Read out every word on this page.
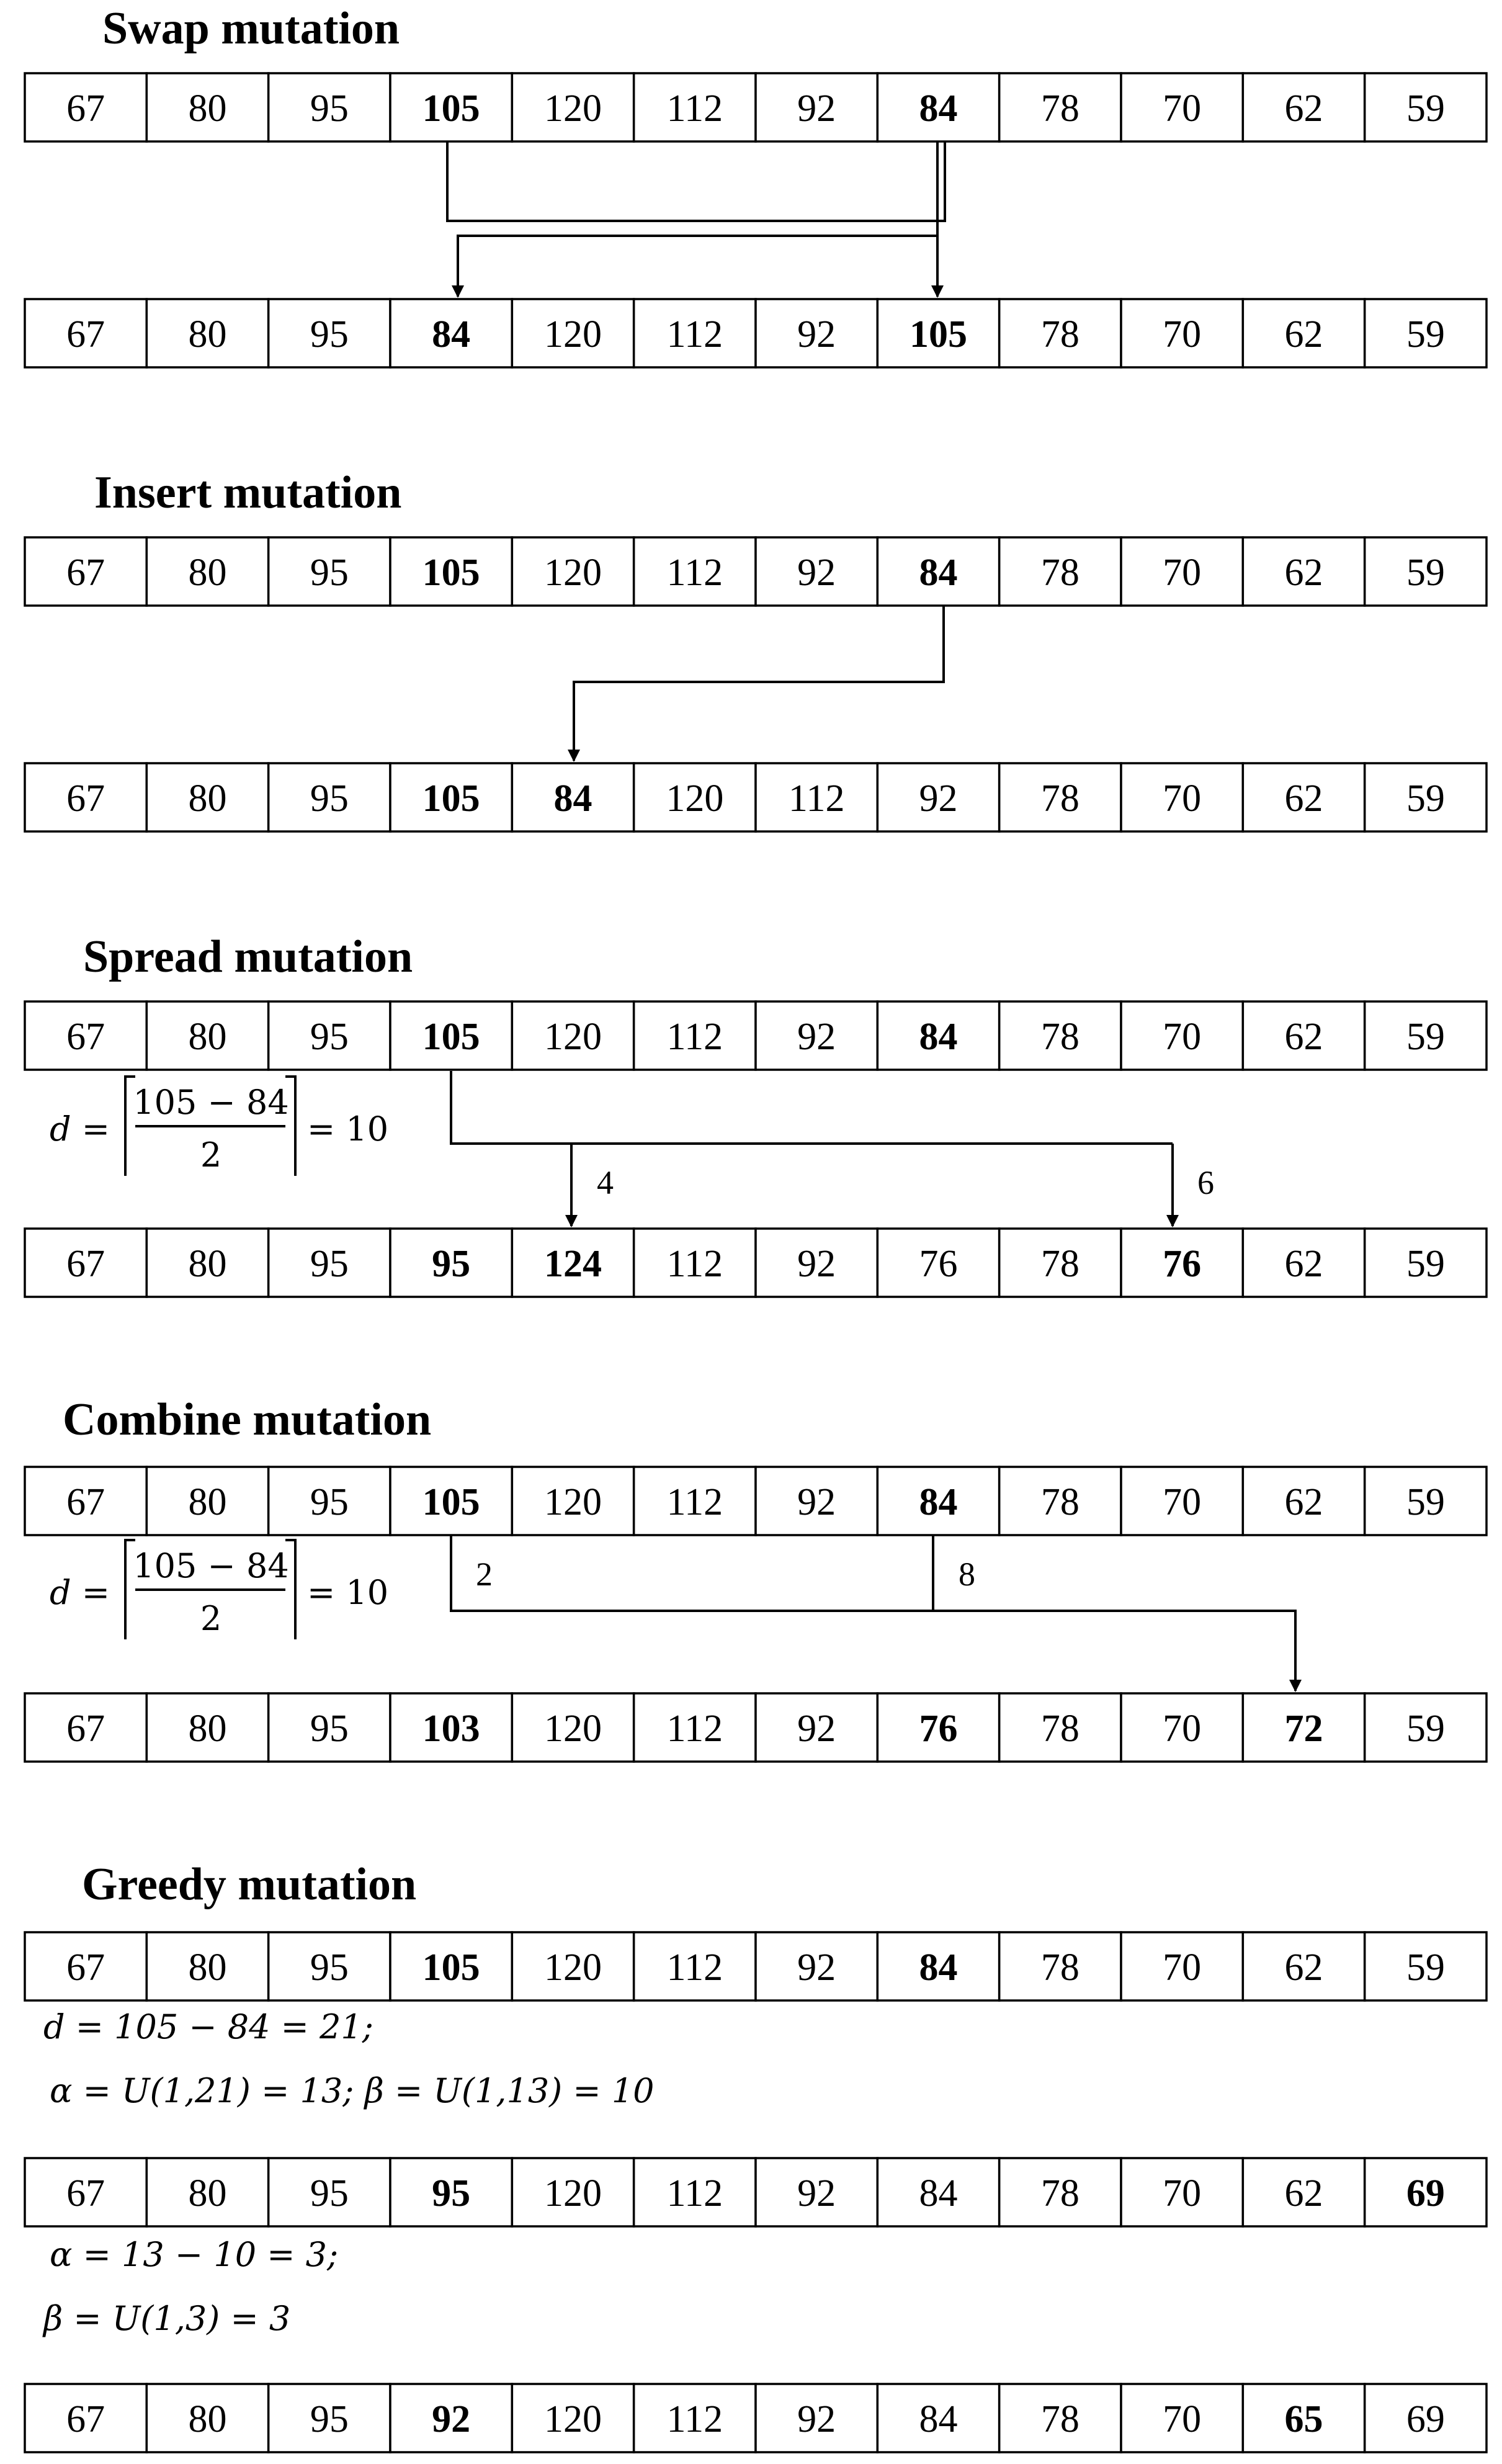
Swap mutation
Insert mutation
Spread mutation
Combine mutation
Greedy mutation
67 80 95 105 120 112 92 84 78 70 62 59
67 80 95 84 120 112 92 105 78 70 62 59
67 80 95 105 120 112 92 84 78 70 62 59
67 80 95 105 84 120 112 92 78 70 62 59
67 80 95 105 120 112 92 84 78 70 62 59
67 80 95 95 124 112 92 76 78 76 62 59
67 80 95 105 120 112 92 84 78 70 62 59
67 80 95 103 120 112 92 76 78 70 72 59
67 80 95 105 120 112 92 84 78 70 62 59
67 80 95 95 120 112 92 84 78 70 62 69
67 80 95 92 120 112 92 84 78 70 65 69
4	6
2	8
d =
105 − 84
2
= 10
d =
105 − 84
2
= 10
d = 105 − 84 = 21;
α = U(1,21) = 13; β = U(1,13) = 10
α = 13 − 10 = 3;
β = U(1,3) = 3
